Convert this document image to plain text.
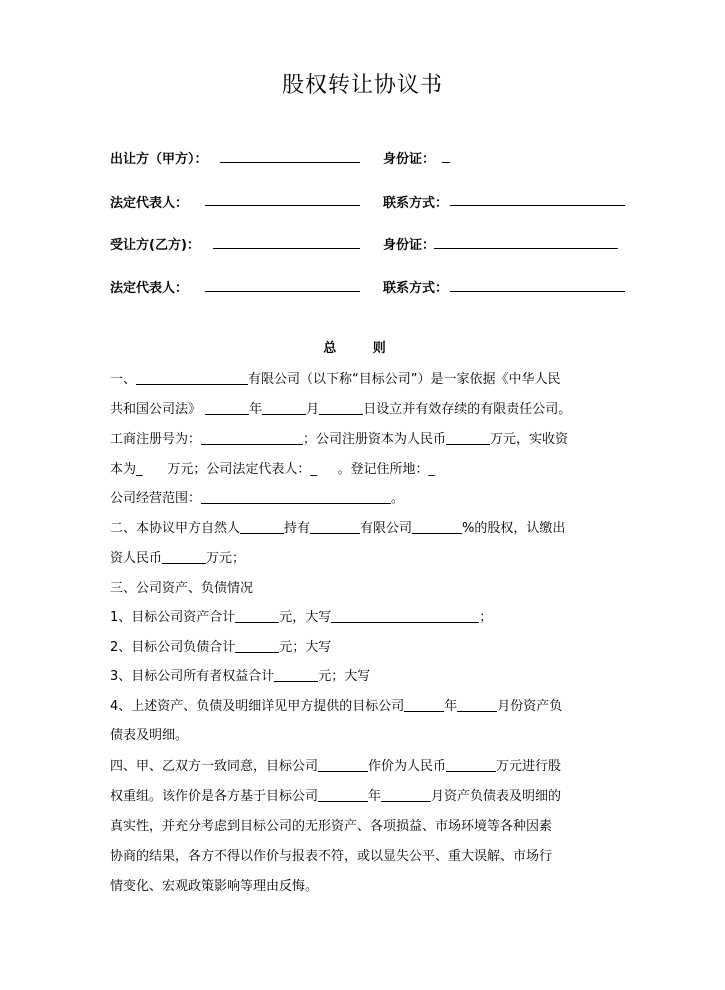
股权转让协议书
出让方（甲方）：	身份证：
法定代表人：	联系方式：
受让方(乙方)：	身份证：
法定代表人：	联系方式：
总 则
一、	有限公司（以下称“目标公司”）是一家依据《中华人民
共和国公司法》	年	月	日设立并有效存续的有限责任公司。
工商注册号为：	；公司注册资本为人民币	万元，实收资
本为_ 万元；公司法定代表人：_ 。登记住所地：_
公司经营范围：	。
二、本协议甲方自然人	持有	有限公司	%的股权，认缴出
资人民币	万元；
三、公司资产、负债情况
1、目标公司资产合计	元，大写	；
2、目标公司负债合计	元；大写
3、目标公司所有者权益合计	元；大写
4、上述资产、负债及明细详见甲方提供的目标公司	年	月份资产负
债表及明细。
四、甲、乙双方一致同意，目标公司	作价为人民币	万元进行股
权重组。该作价是各方基于目标公司	年	月资产负债表及明细的
真实性，并充分考虑到目标公司的无形资产、各项损益、市场环境等各种因素
协商的结果，各方不得以作价与报表不符，或以显失公平、重大误解、市场行
情变化、宏观政策影响等理由反悔。
